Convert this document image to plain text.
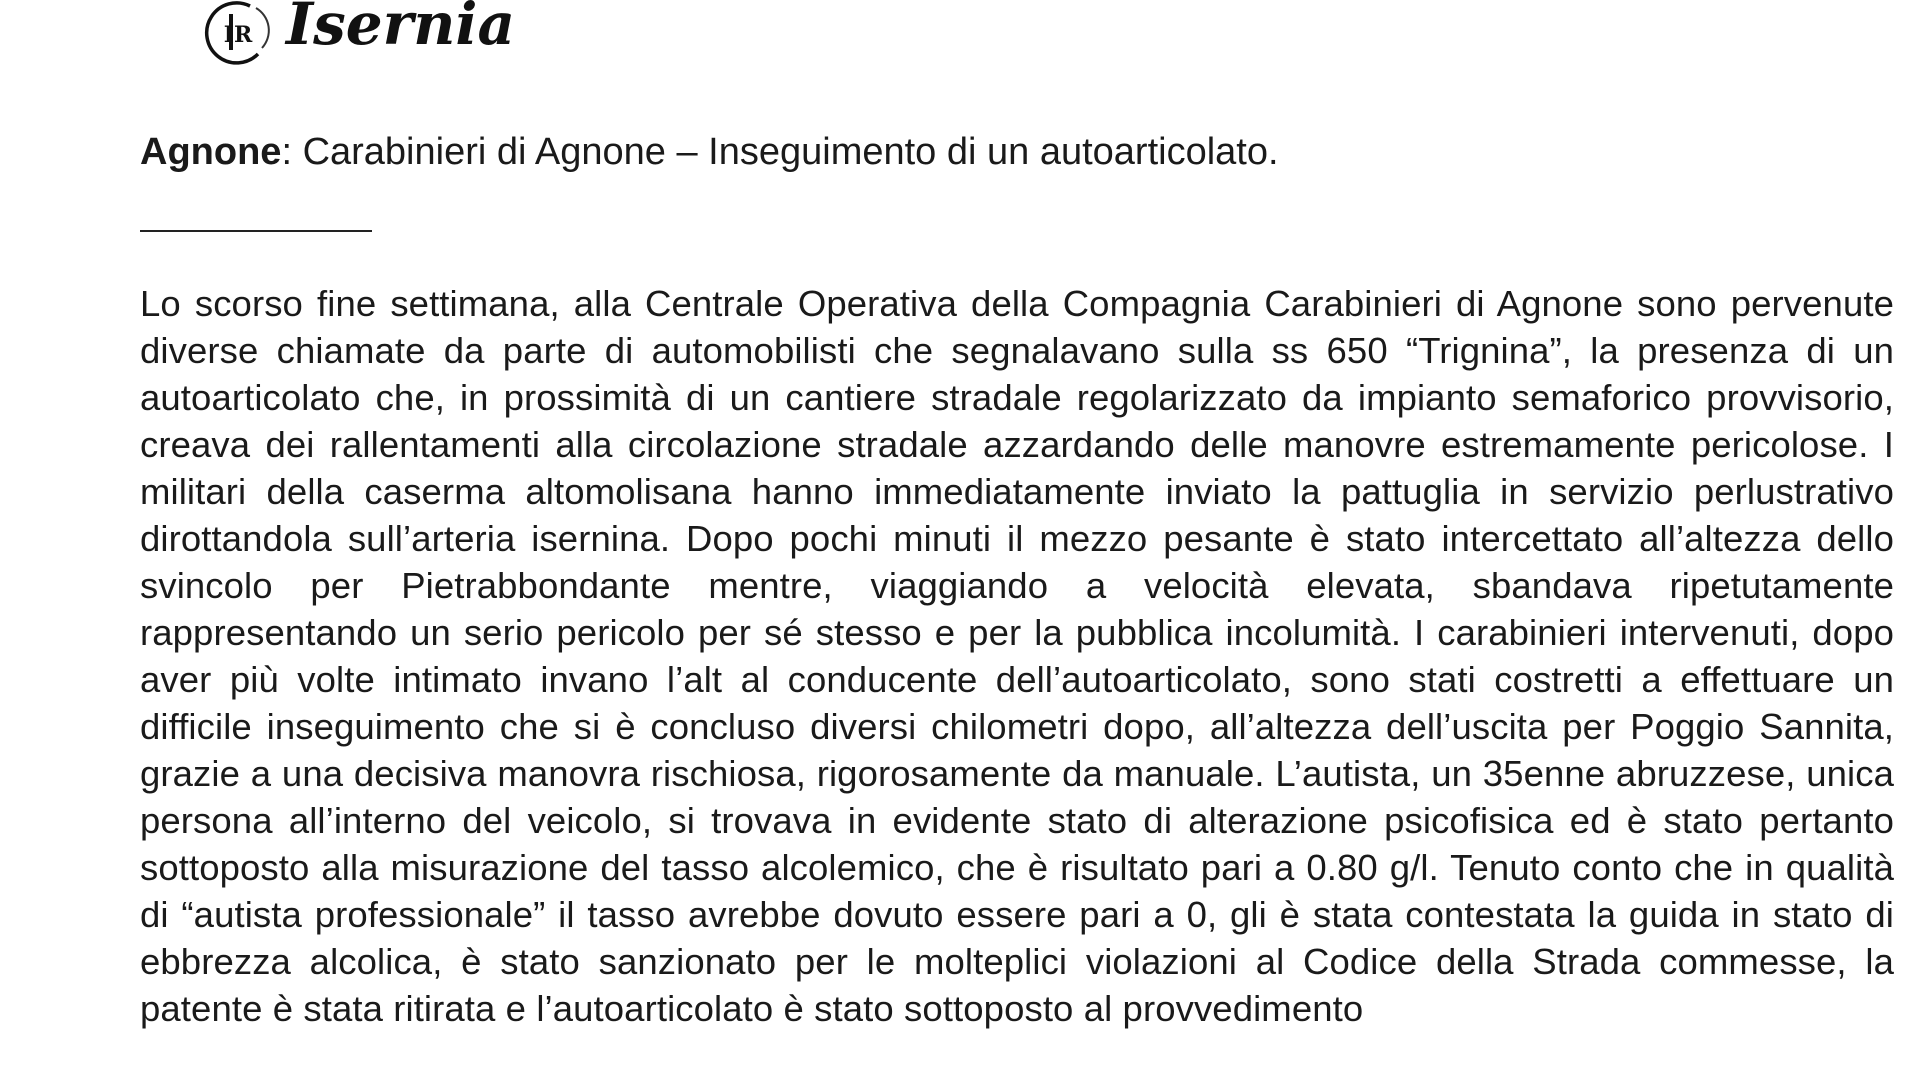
IR Isernia
Agnone: Carabinieri di Agnone – Inseguimento di un autoarticolato.

Lo scorso fine settimana, alla Centrale Operativa della Compagnia Carabinieri di Agnone sono pervenute diverse chiamate da parte di automobilisti che segnalavano sulla ss 650 “Trignina”, la presenza di un autoarticolato che, in prossimità di un cantiere stradale regolarizzato da impianto semaforico provvisorio, creava dei rallentamenti alla circolazione stradale azzardando delle manovre estremamente pericolose. I militari della caserma altomolisana hanno immediatamente inviato la pattuglia in servizio perlustrativo dirottandola sull’arteria isernina. Dopo pochi minuti il mezzo pesante è stato intercettato all’altezza dello svincolo per Pietrabbondante mentre, viaggiando a velocità elevata, sbandava ripetutamente rappresentando un serio pericolo per sé stesso e per la pubblica incolumità. I carabinieri intervenuti, dopo aver più volte intimato invano l’alt al conducente dell’autoarticolato, sono stati costretti a effettuare un difficile inseguimento che si è concluso diversi chilometri dopo, all’altezza dell’uscita per Poggio Sannita, grazie a una decisiva manovra rischiosa, rigorosamente da manuale. L’autista, un 35enne abruzzese, unica persona all’interno del veicolo, si trovava in evidente stato di alterazione psicofisica ed è stato pertanto sottoposto alla misurazione del tasso alcolemico, che è risultato pari a 0.80 g/l. Tenuto conto che in qualità di “autista professionale” il tasso avrebbe dovuto essere pari a 0, gli è stata contestata la guida in stato di ebbrezza alcolica, è stato sanzionato per le molteplici violazioni al Codice della Strada commesse, la patente è stata ritirata e l’autoarticolato è stato sottoposto al provvedimento
